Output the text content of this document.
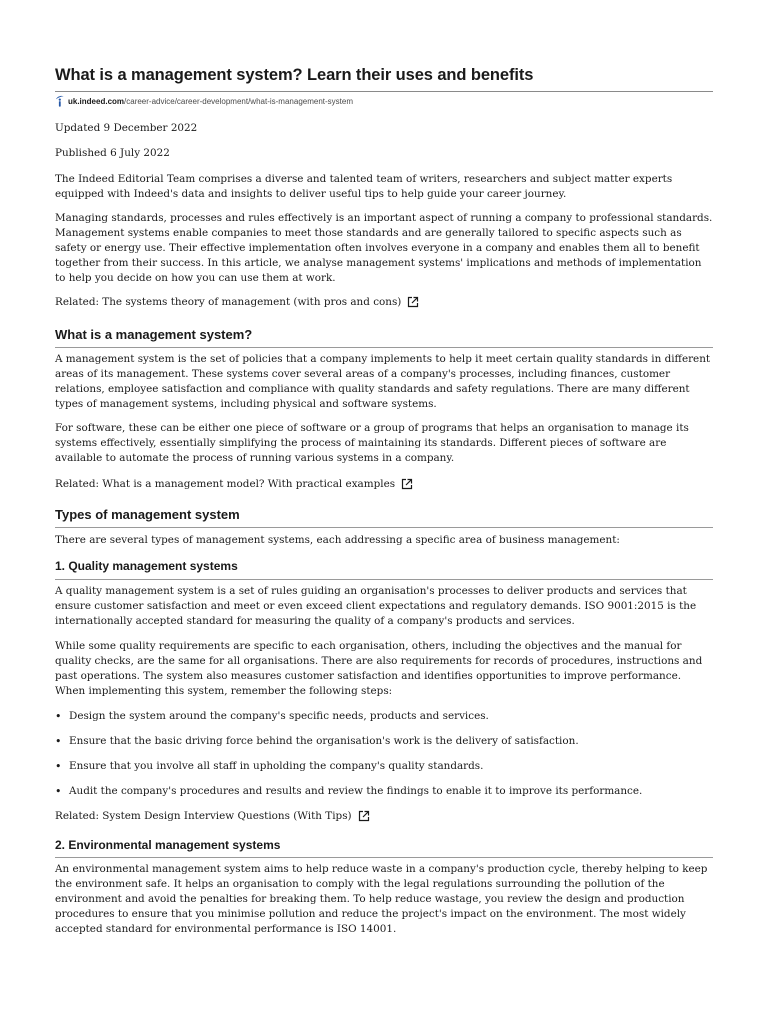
What is a management system? Learn their uses and benefits
uk.indeed.com /career-advice/career-development/what-is-management-system

Updated 9 December 2022

Published 6 July 2022

The Indeed Editorial Team comprises a diverse and talented team of writers, researchers and subject matter experts equipped with Indeed's data and insights to deliver useful tips to help guide your career journey.

Managing standards, processes and rules effectively is an important aspect of running a company to professional standards. Management systems enable companies to meet those standards and are generally tailored to specific aspects such as safety or energy use. Their effective implementation often involves everyone in a company and enables them all to benefit together from their success. In this article, we analyse management systems' implications and methods of implementation to help you decide on how you can use them at work.

Related: The systems theory of management (with pros and cons)
What is a management system?

A management system is the set of policies that a company implements to help it meet certain quality standards in different areas of its management. These systems cover several areas of a company's processes, including finances, customer relations, employee satisfaction and compliance with quality standards and safety regulations. There are many different types of management systems, including physical and software systems.

For software, these can be either one piece of software or a group of programs that helps an organisation to manage its systems effectively, essentially simplifying the process of maintaining its standards. Different pieces of software are available to automate the process of running various systems in a company.

Related: What is a management model? With practical examples
Types of management system

There are several types of management systems, each addressing a specific area of business management:

1. Quality management systems

A quality management system is a set of rules guiding an organisation's processes to deliver products and services that ensure customer satisfaction and meet or even exceed client expectations and regulatory demands. ISO 9001:2015 is the internationally accepted standard for measuring the quality of a company's products and services.

While some quality requirements are specific to each organisation, others, including the objectives and the manual for quality checks, are the same for all organisations. There are also requirements for records of procedures, instructions and past operations. The system also measures customer satisfaction and identifies opportunities to improve performance. When implementing this system, remember the following steps:

• Design the system around the company's specific needs, products and services.
• Ensure that the basic driving force behind the organisation's work is the delivery of satisfaction.
• Ensure that you involve all staff in upholding the company's quality standards.
• Audit the company's procedures and results and review the findings to enable it to improve its performance.
Related: System Design Interview Questions (With Tips)
2. Environmental management systems

An environmental management system aims to help reduce waste in a company's production cycle, thereby helping to keep the environment safe. It helps an organisation to comply with the legal regulations surrounding the pollution of the environment and avoid the penalties for breaking them. To help reduce wastage, you review the design and production procedures to ensure that you minimise pollution and reduce the project's impact on the environment. The most widely accepted standard for environmental performance is ISO 14001.
